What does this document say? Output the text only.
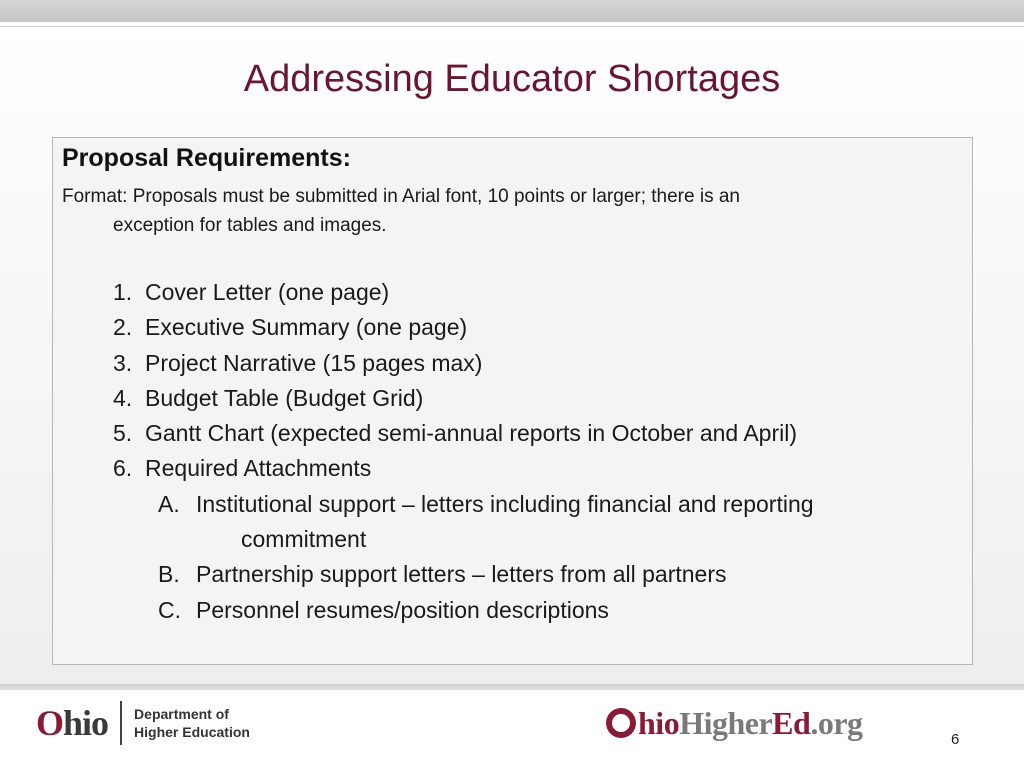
Addressing Educator Shortages
Proposal Requirements:
Format: Proposals must be submitted in Arial font, 10 points or larger; there is an
exception for tables and images.
1. Cover Letter (one page)
2. Executive Summary (one page)
3. Project Narrative (15 pages max)
4. Budget Table (Budget Grid)
5. Gantt Chart (expected semi-annual reports in October and April)
6. Required Attachments
A. Institutional support – letters including financial and reporting
commitment
B. Partnership support letters – letters from all partners
C. Personnel resumes/position descriptions
Ohio Department of
Higher Education	hioHigherEd.org	6
